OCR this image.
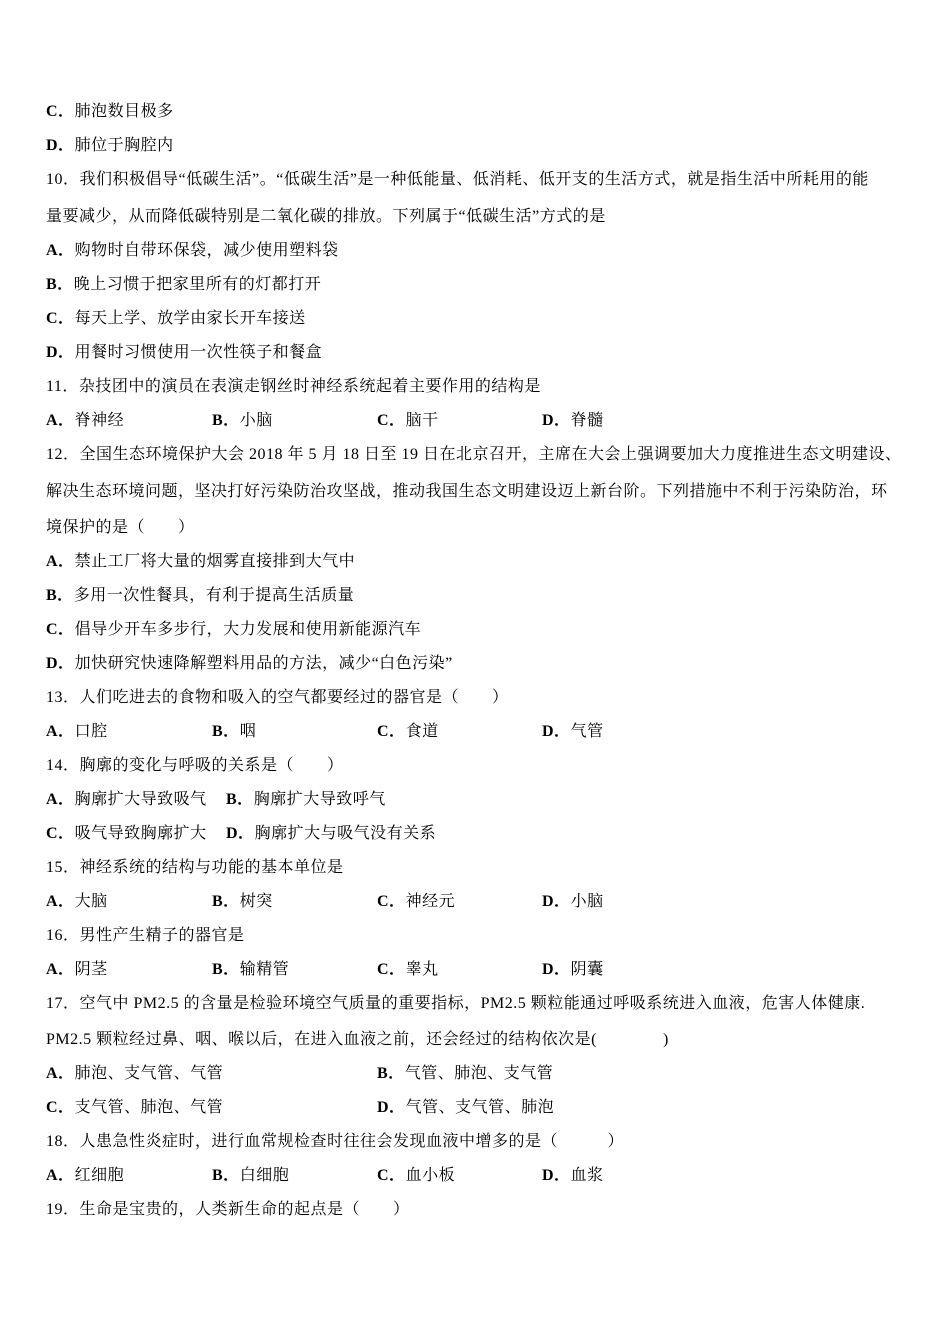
C．肺泡数目极多
D．肺位于胸腔内
10．我们积极倡导“低碳生活”。“低碳生活”是一种低能量、低消耗、低开支的生活方式，就是指生活中所耗用的能
量要减少，从而降低碳特别是二氧化碳的排放。下列属于“低碳生活”方式的是
A．购物时自带环保袋，减少使用塑料袋
B．晚上习惯于把家里所有的灯都打开
C．每天上学、放学由家长开车接送
D．用餐时习惯使用一次性筷子和餐盒
11．杂技团中的演员在表演走钢丝时神经系统起着主要作用的结构是
A．脊神经	B．小脑	C．脑干	D．脊髓
12．全国生态环境保护大会 2018 年 5 月 18 日至 19 日在北京召开，主席在大会上强调要加大力度推进生态文明建设、
解决生态环境问题，坚决打好污染防治攻坚战，推动我国生态文明建设迈上新台阶。下列措施中不利于污染防治，环
境保护的是（　　）
A．禁止工厂将大量的烟雾直接排到大气中
B．多用一次性餐具，有利于提高生活质量
C．倡导少开车多步行，大力发展和使用新能源汽车
D．加快研究快速降解塑料用品的方法，减少“白色污染”
13．人们吃进去的食物和吸入的空气都要经过的器官是（　　）
A．口腔	B．咽	C．食道	D．气管
14．胸廓的变化与呼吸的关系是（　　）
A．胸廓扩大导致吸气 B．胸廓扩大导致呼气
C．吸气导致胸廓扩大 D．胸廓扩大与吸气没有关系
15．神经系统的结构与功能的基本单位是
A．大脑	B．树突	C．神经元	D．小脑
16．男性产生精子的器官是
A．阴茎	B．输精管	C．睾丸	D．阴囊
17．空气中 PM2.5 的含量是检验环境空气质量的重要指标，PM2.5 颗粒能通过呼吸系统进入血液，危害人体健康.
PM2.5 颗粒经过鼻、咽、喉以后，在进入血液之前，还会经过的结构依次是(　　　　)
A．肺泡、支气管、气管	B．气管、肺泡、支气管
C．支气管、肺泡、气管	D．气管、支气管、肺泡
18．人患急性炎症时，进行血常规检查时往往会发现血液中增多的是（　　　）
A．红细胞	B．白细胞	C．血小板	D．血浆
19．生命是宝贵的，人类新生命的起点是（　　）
